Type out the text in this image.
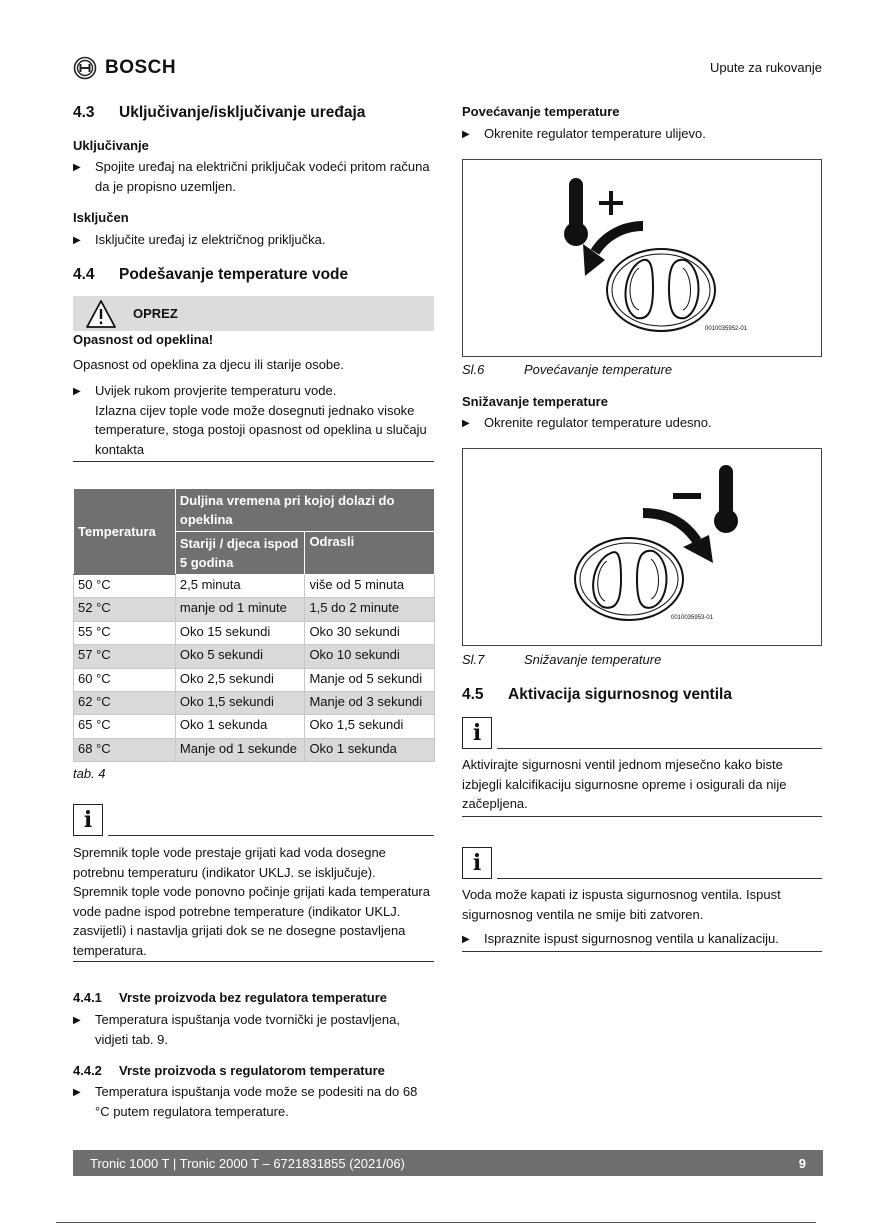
BOSCH	Upute za rukovanje
4.3	Uključivanje/isključivanje uređaja
Uključivanje
▶	Spojite uređaj na električni priključak vodeći pritom računa da je propisno uzemljen.
Isključen
▶	Isključite uređaj iz električnog priključka.
4.4	Podešavanje temperature vode
OPREZ
Opasnost od opeklina!

Opasnost od opeklina za djecu ili starije osobe.

▶	Uvijek rukom provjerite temperaturu vode.
Izlazna cijev tople vode može dosegnuti jednako visoke temperature, stoga postoji opasnost od opeklina u slučaju kontakta
Temperatura	Duljina vremena pri kojoj dolazi do opeklina	
	Stariji / djeca ispod 5 godina	Odrasli
50 °C	2,5 minuta	više od 5 minuta
52 °C	manje od 1 minute	1,5 do 2 minute
55 °C	Oko 15 sekundi	Oko 30 sekundi
57 °C	Oko 5 sekundi	Oko 10 sekundi
60 °C	Oko 2,5 sekundi	Manje od 5 sekundi
62 °C	Oko 1,5 sekundi	Manje od 3 sekundi
65 °C	Oko 1 sekunda	Oko 1,5 sekundi
68 °C	Manje od 1 sekunde	Oko 1 sekunda
tab. 4
i

Spremnik tople vode prestaje grijati kad voda dosegne potrebnu temperaturu (indikator UKLJ. se isključuje). Spremnik tople vode ponovno počinje grijati kada temperatura vode padne ispod potrebne temperature (indikator UKLJ. zasvijetli) i nastavlja grijati dok se ne dosegne postavljena temperatura.

4.4.1	Vrste proizvoda bez regulatora temperature
▶	Temperatura ispuštanja vode tvornički je postavljena, vidjeti tab. 9.
4.4.2	Vrste proizvoda s regulatorom temperature
▶	Temperatura ispuštanja vode može se podesiti na do 68 °C putem regulatora temperature.
Povećavanje temperature
▶	Okrenite regulator temperature ulijevo.
0010035952-01
Sl.6	Povećavanje temperature
Snižavanje temperature
▶	Okrenite regulator temperature udesno.
0010035953-01
Sl.7	Snižavanje temperature
4.5	Aktivacija sigurnosnog ventila
i

Aktivirajte sigurnosni ventil jednom mjesečno kako biste izbjegli kalcifikaciju sigurnosne opreme i osigurali da nije začepljena.

i

Voda može kapati iz ispusta sigurnosnog ventila. Ispust sigurnosnog ventila ne smije biti zatvoren.

▶	Ispraznite ispust sigurnosnog ventila u kanalizaciju.
Tronic 1000 T | Tronic 2000 T – 6721831855 (2021/06)	9
